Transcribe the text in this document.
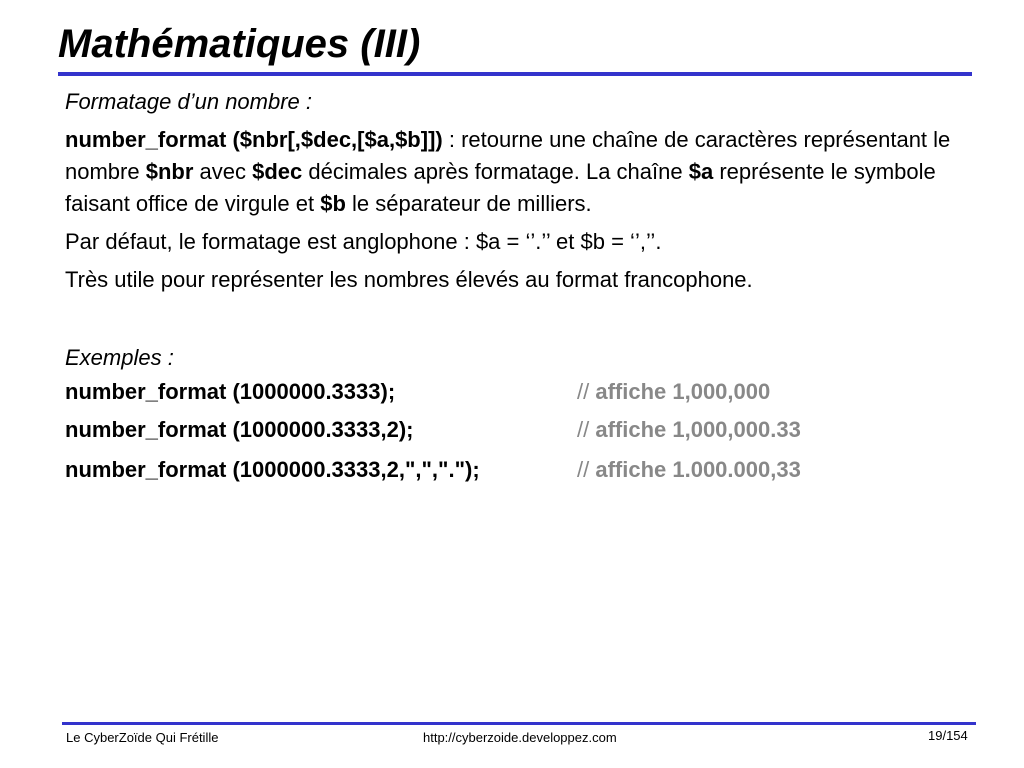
Mathématiques (III)

Formatage d’un nombre :

number_format ($nbr[,$dec,[$a,$b]]) : retourne une chaîne de caractères représentant le nombre $nbr avec $dec décimales après formatage. La chaîne $a représente le symbole faisant office de virgule et $b le séparateur de milliers.

Par défaut, le formatage est anglophone : $a = ‘’.’’ et $b = ‘’,’’.

Très utile pour représenter les nombres élevés au format francophone.

Exemples :

number_format (1000000.3333);	// affiche 1,000,000
number_format (1000000.3333,2);	// affiche 1,000,000.33
number_format (1000000.3333,2,",",".");	// affiche 1.000.000,33
Le CyberZoïde Qui Frétille	http://cyberzoide.developpez.com	19/154
